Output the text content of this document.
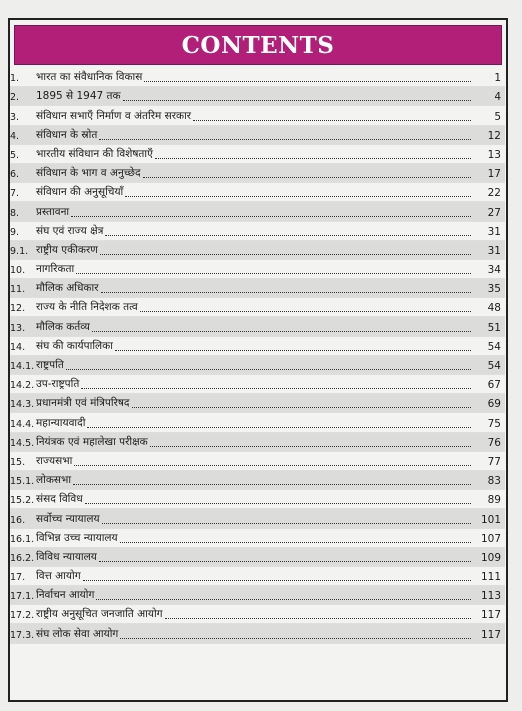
CONTENTS
1.	भारत का संवैधानिक विकास	1
2.	1895 से 1947 तक	4
3.	संविधान सभाएँ निर्माण व अंतरिम सरकार	5
4.	संविधान के स्रोत	12
5.	भारतीय संविधान की विशेषताएँ	13
6.	संविधान के भाग व अनुच्छेद	17
7.	संविधान की अनुसूचियाँ	22
8.	प्रस्तावना	27
9.	संघ एवं राज्य क्षेत्र	31
9.1. राष्ट्रीय एकीकरण	31
10.	नागरिकता	34
11.	मौलिक अधिकार	35
12.	राज्य के नीति निदेशक तत्व	48
13.	मौलिक कर्तव्य	51
14.	संघ की कार्यपालिका	54
14.1. राष्ट्रपति	54
14.2. उप-राष्ट्रपति	67
14.3. प्रधानमंत्री एवं मंत्रिपरिषद	69
14.4. महान्यायवादी	75
14.5. नियंत्रक एवं महालेखा परीक्षक	76
15.	राज्यसभा	77
15.1. लोकसभा	83
15.2. संसद विविध	89
16.	सर्वोच्च न्यायालय	101
16.1. विभिन्न उच्च न्यायालय	107
16.2. विविध न्यायालय	109
17.	वित्त आयोग	111
17.1. निर्वाचन आयोग	113
17.2. राष्ट्रीय अनुसूचित जनजाति आयोग	117
17.3. संघ लोक सेवा आयोग	117
